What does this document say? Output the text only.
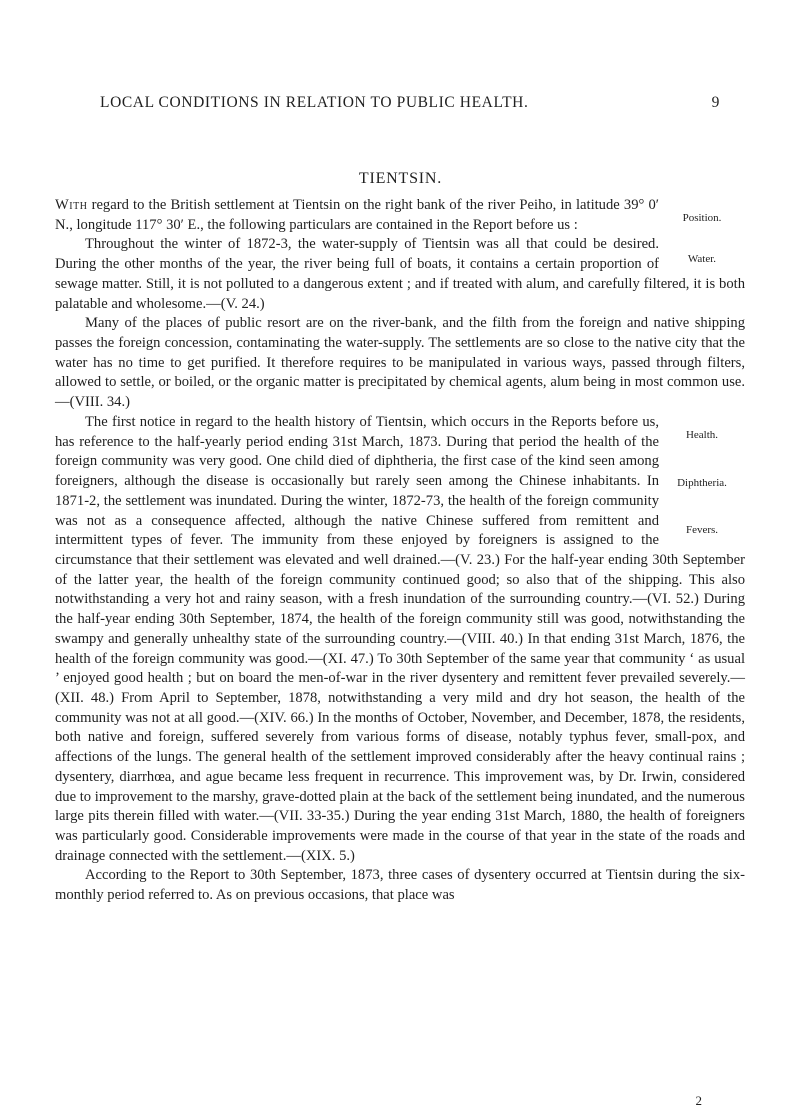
LOCAL CONDITIONS IN RELATION TO PUBLIC HEALTH.	9
TIENTSIN.

Position.
With regard to the British settlement at Tientsin on the right bank of the river Peiho, in latitude 39° 0′ N., longitude 117° 30′ E., the following particulars are contained in the Report before us :

Water.
Throughout the winter of 1872-3, the water-supply of Tientsin was all that could be desired. During the other months of the year, the river being full of boats, it contains a certain proportion of sewage matter. Still, it is not polluted to a dangerous extent ; and if treated with alum, and carefully filtered, it is both palatable and wholesome.—(V. 24.)

Many of the places of public resort are on the river-bank, and the filth from the foreign and native shipping passes the foreign concession, contaminating the water-supply. The settlements are so close to the native city that the water has no time to get purified. It therefore requires to be manipulated in various ways, passed through filters, allowed to settle, or boiled, or the organic matter is precipitated by chemical agents, alum being in most common use.—(VIII. 34.)

Health.
Diphtheria.
Fevers.
The first notice in regard to the health history of Tientsin, which occurs in the Reports before us, has reference to the half-yearly period ending 31st March, 1873. During that period the health of the foreign community was very good. One child died of diphtheria, the first case of the kind seen among foreigners, although the disease is occasionally but rarely seen among the Chinese inhabitants. In 1871-2, the settlement was inundated. During the winter, 1872-73, the health of the foreign community was not as a consequence affected, although the native Chinese suffered from remittent and intermittent types of fever. The immunity from these enjoyed by foreigners is assigned to the circumstance that their settlement was elevated and well drained.—(V. 23.) For the half-year ending 30th September of the latter year, the health of the foreign community continued good; so also that of the shipping. This also notwithstanding a very hot and rainy season, with a fresh inundation of the surrounding country.—(VI. 52.) During the half-year ending 30th September, 1874, the health of the foreign community still was good, notwithstanding the swampy and generally unhealthy state of the surrounding country.—(VIII. 40.) In that ending 31st March, 1876, the health of the foreign community was good.—(XI. 47.) To 30th September of the same year that community ‘ as usual ’ enjoyed good health ; but on board the men-of-war in the river dysentery and remittent fever prevailed severely.—(XII. 48.) From April to September, 1878, notwithstanding a very mild and dry hot season, the health of the community was not at all good.—(XIV. 66.) In the months of October, November, and December, 1878, the residents, both native and foreign, suffered severely from various forms of disease, notably typhus fever, small-pox, and affections of the lungs. The general health of the settlement improved considerably after the heavy continual rains ; dysentery, diarrhœa, and ague became less frequent in recurrence. This improvement was, by Dr. Irwin, considered due to improvement to the marshy, grave-dotted plain at the back of the settlement being inundated, and the numerous large pits therein filled with water.—(VII. 33-35.) During the year ending 31st March, 1880, the health of foreigners was particularly good. Considerable improvements were made in the course of that year in the state of the roads and drainage connected with the settlement.—(XIX. 5.)

According to the Report to 30th September, 1873, three cases of dysentery occurred at Tientsin during the six-monthly period referred to. As on previous occasions, that place was

2
